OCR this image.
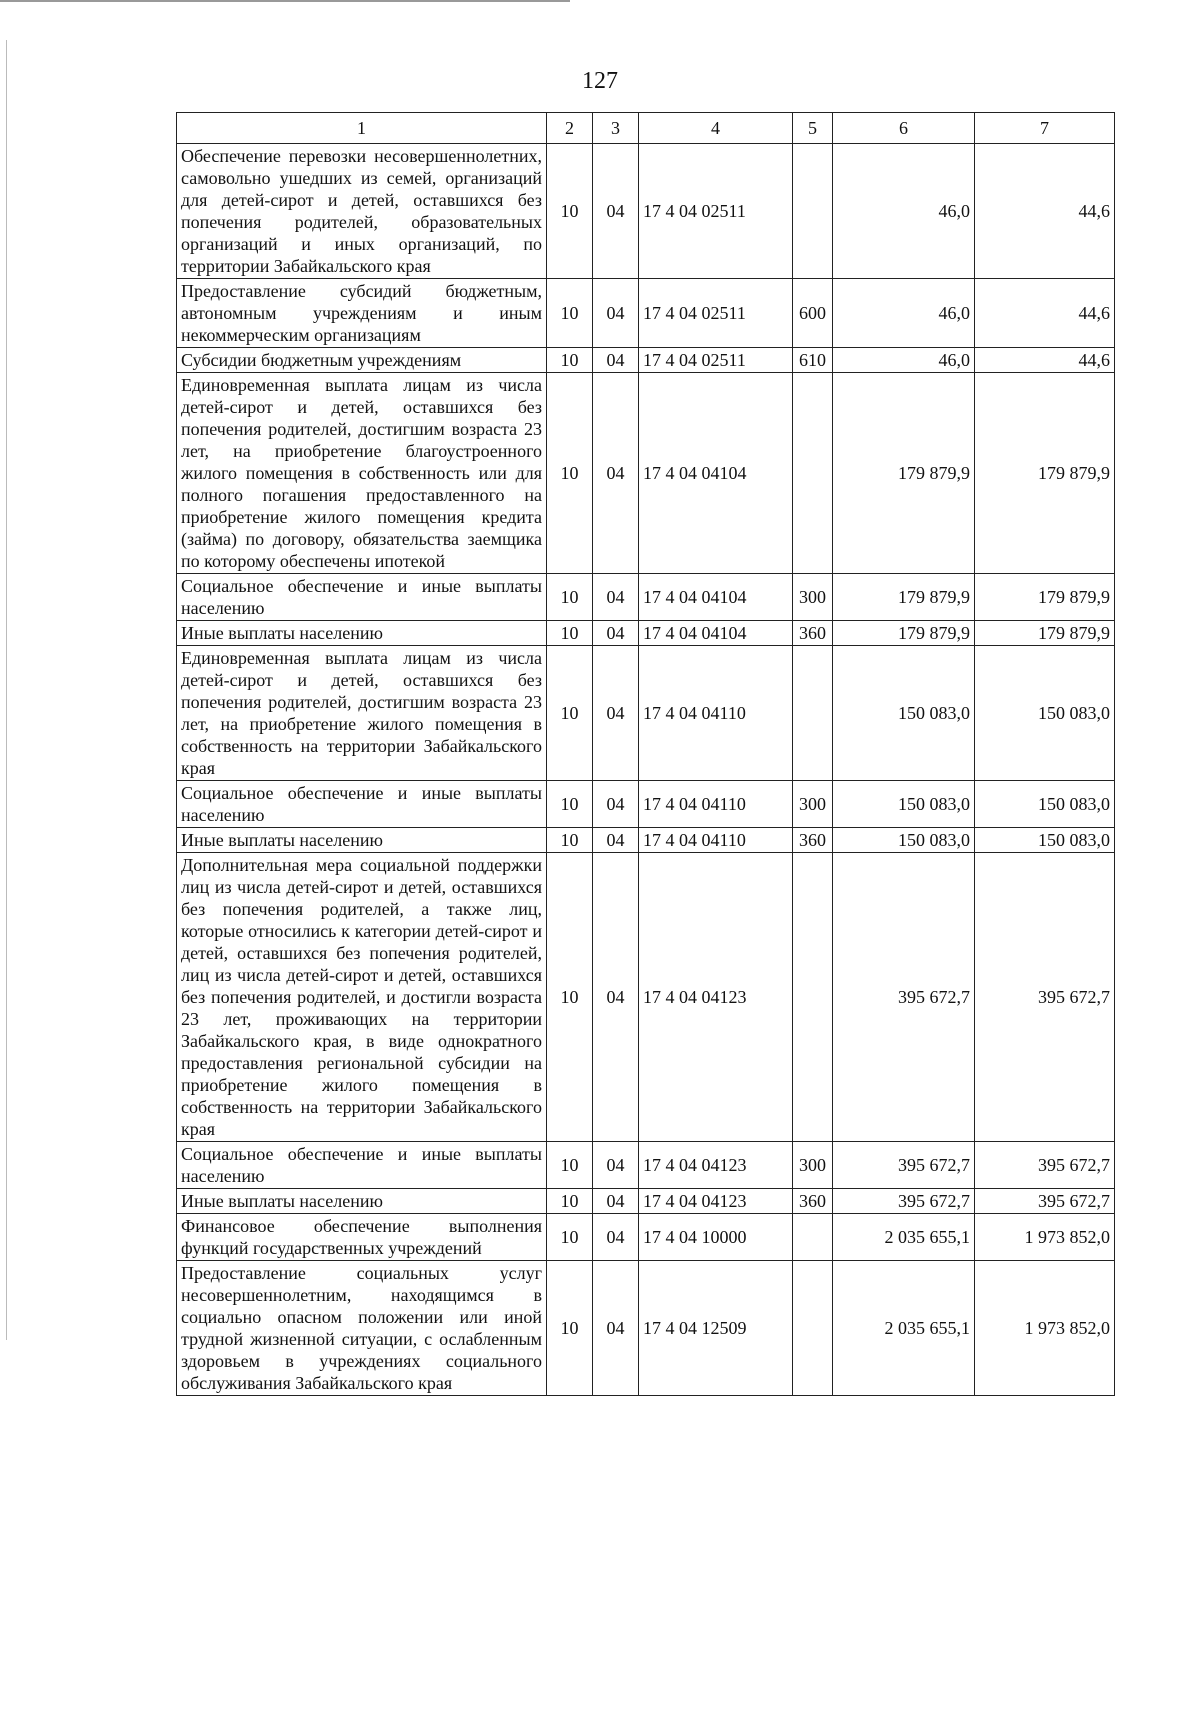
127
1	2	3	4	5	6	7
Обеспечение перевозки несовершеннолетних, самовольно ушедших из семей, организаций для детей-сирот и детей, оставшихся без попечения родителей, образовательных организаций и иных организаций, по территории Забайкальского края	10	04	17 4 04 02511		46,0	44,6
Предоставление субсидий бюджетным, автономным учреждениям и иным некоммерческим организациям	10	04	17 4 04 02511	600	46,0	44,6
Субсидии бюджетным учреждениям	10	04	17 4 04 02511	610	46,0	44,6
Единовременная выплата лицам из числа детей-сирот и детей, оставшихся без попечения родителей, достигшим возраста 23 лет, на приобретение благоустроенного жилого помещения в собственность или для полного погашения предоставленного на приобретение жилого помещения кредита (займа) по договору, обязательства заемщика по которому обеспечены ипотекой	10	04	17 4 04 04104		179 879,9	179 879,9
Социальное обеспечение и иные выплаты населению	10	04	17 4 04 04104	300	179 879,9	179 879,9
Иные выплаты населению	10	04	17 4 04 04104	360	179 879,9	179 879,9
Единовременная выплата лицам из числа детей-сирот и детей, оставшихся без попечения родителей, достигшим возраста 23 лет, на приобретение жилого помещения в собственность на территории Забайкальского края	10	04	17 4 04 04110		150 083,0	150 083,0
Социальное обеспечение и иные выплаты населению	10	04	17 4 04 04110	300	150 083,0	150 083,0
Иные выплаты населению	10	04	17 4 04 04110	360	150 083,0	150 083,0
Дополнительная мера социальной поддержки лиц из числа детей-сирот и детей, оставшихся без попечения родителей, а также лиц, которые относились к категории детей-сирот и детей, оставшихся без попечения родителей, лиц из числа детей-сирот и детей, оставшихся без попечения родителей, и достигли возраста 23 лет, проживающих на территории Забайкальского края, в виде однократного предоставления региональной субсидии на приобретение жилого помещения в собственность на территории Забайкальского края	10	04	17 4 04 04123		395 672,7	395 672,7
Социальное обеспечение и иные выплаты населению	10	04	17 4 04 04123	300	395 672,7	395 672,7
Иные выплаты населению	10	04	17 4 04 04123	360	395 672,7	395 672,7
Финансовое обеспечение выполнения функций государственных учреждений	10	04	17 4 04 10000		2 035 655,1	1 973 852,0
Предоставление социальных услуг несовершеннолетним, находящимся в социально опасном положении или иной трудной жизненной ситуации, с ослабленным здоровьем в учреждениях социального обслуживания Забайкальского края	10	04	17 4 04 12509		2 035 655,1	1 973 852,0
